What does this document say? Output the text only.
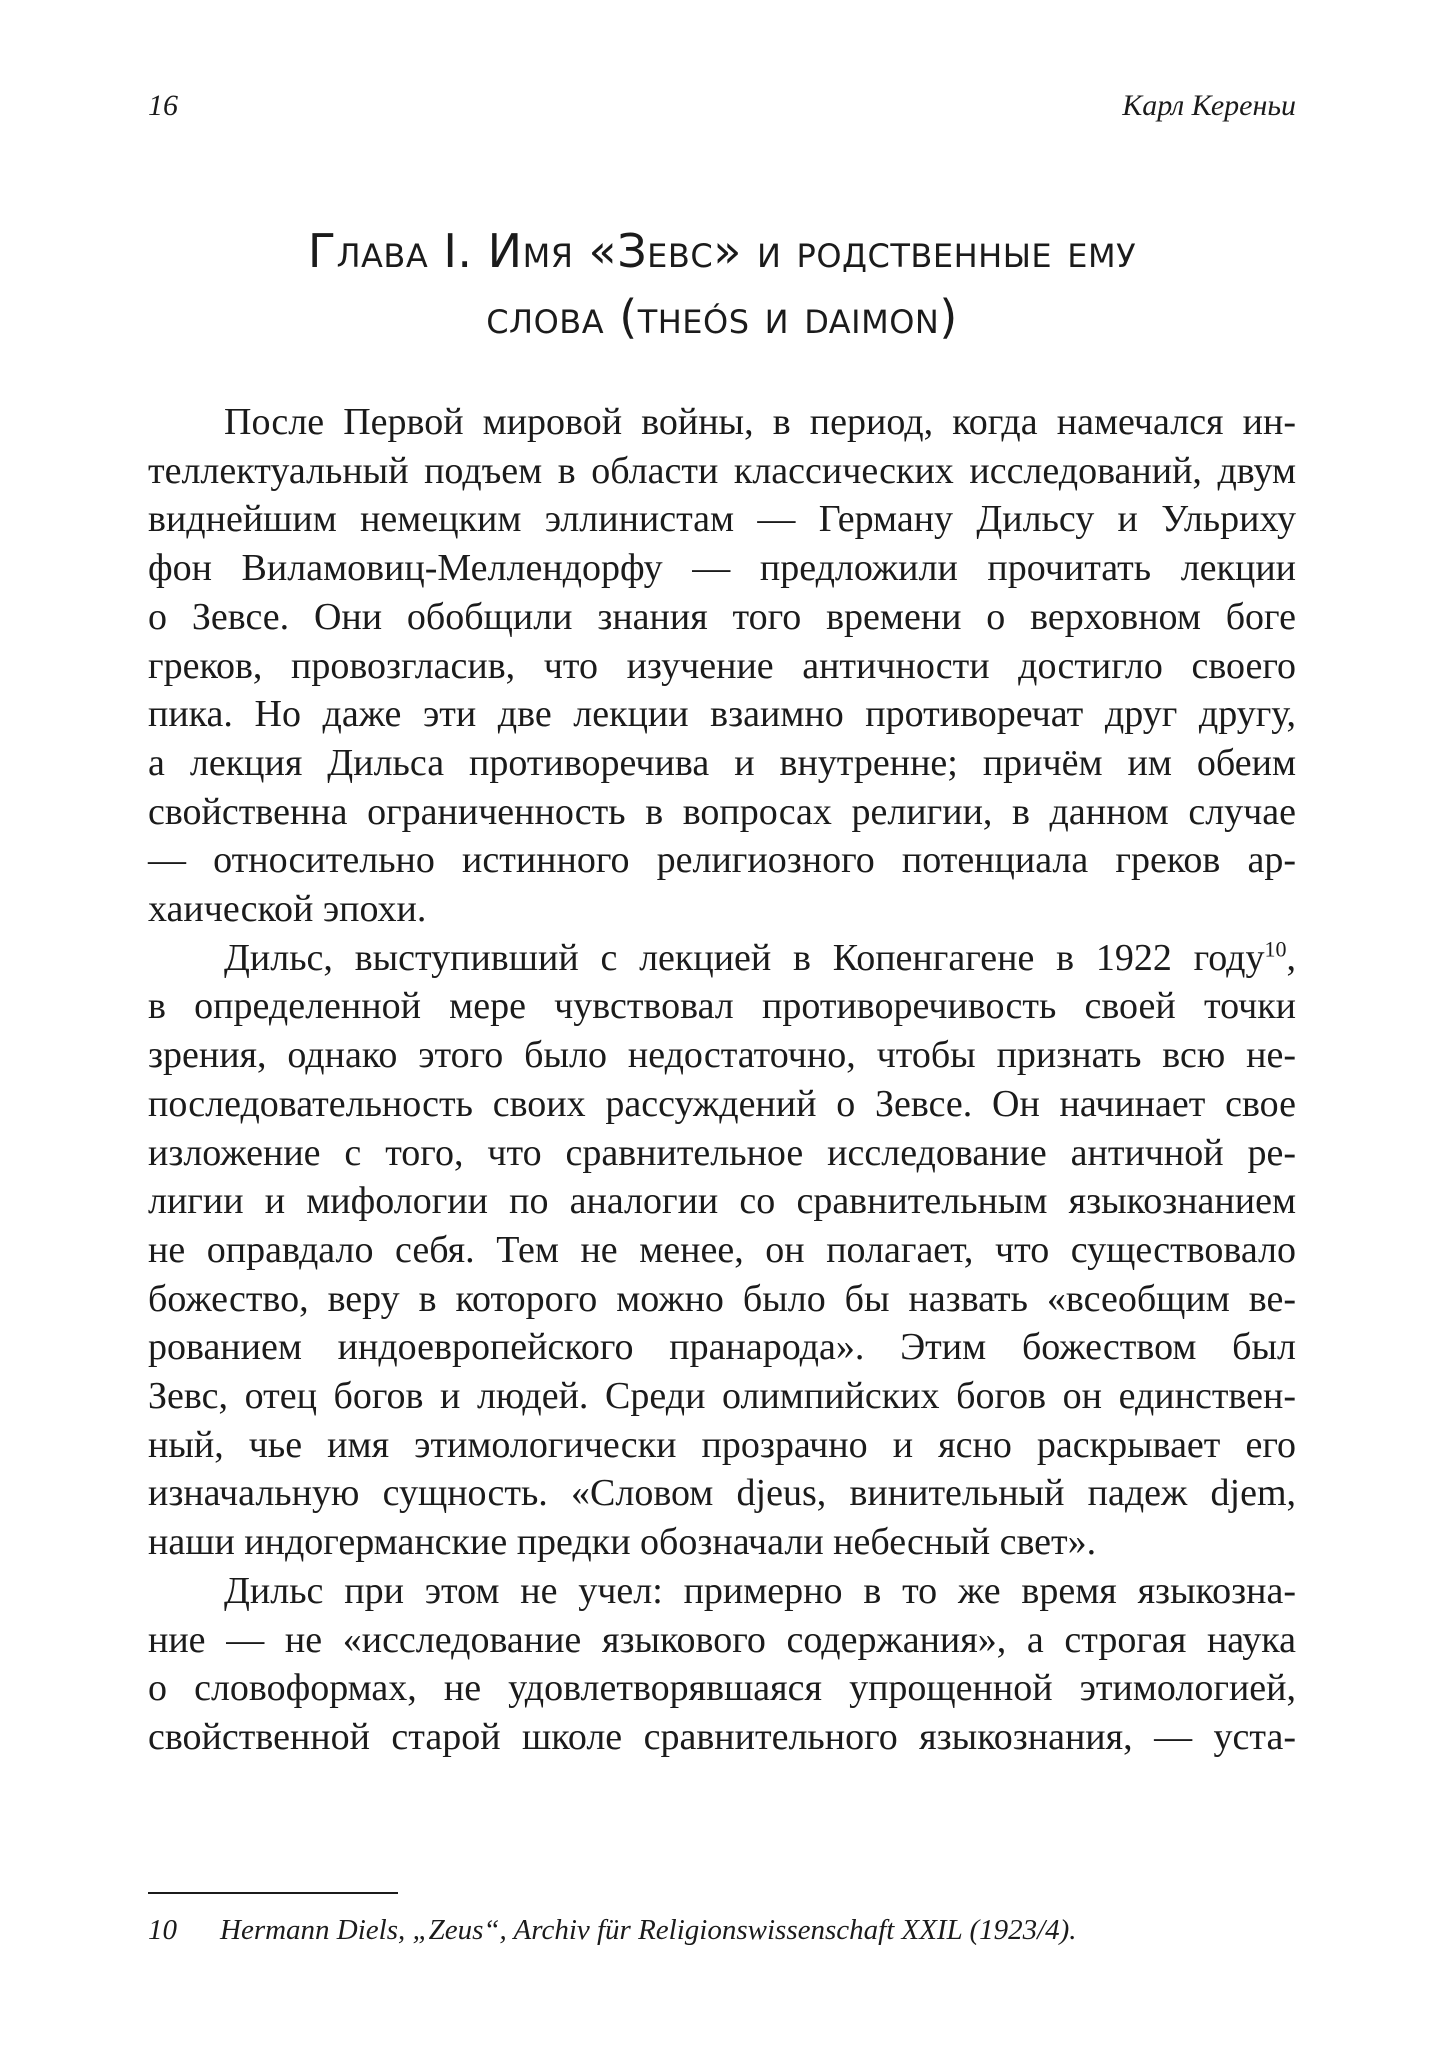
16	Карл Кереньи
Глава I. Имя «Зевс» и родственные ему
слова (theós и daimon)

После Первой мировой войны, в период, когда намечался ин-
теллектуальный подъем в области классических исследований, двум
виднейшим немецким эллинистам — Герману Дильсу и Ульриху
фон Виламовиц-Меллендорфу — предложили прочитать лекции
о Зевсе. Они обобщили знания того времени о верховном боге
греков, провозгласив, что изучение античности достигло своего
пика. Но даже эти две лекции взаимно противоречат друг другу,
а лекция Дильса противоречива и внутренне; причём им обеим
свойственна ограниченность в вопросах религии, в данном случае
— относительно истинного религиозного потенциала греков ар-
хаической эпохи.

Дильс, выступивший с лекцией в Копенгагене в 1922 году$^{10}$,
в определенной мере чувствовал противоречивость своей точки
зрения, однако этого было недостаточно, чтобы признать всю не-
последовательность своих рассуждений о Зевсе. Он начинает свое
изложение с того, что сравнительное исследование античной ре-
лигии и мифологии по аналогии со сравнительным языкознанием
не оправдало себя. Тем не менее, он полагает, что существовало
божество, веру в которого можно было бы назвать «всеобщим ве-
рованием индоевропейского пранарода». Этим божеством был
Зевс, отец богов и людей. Среди олимпийских богов он единствен-
ный, чье имя этимологически прозрачно и ясно раскрывает его
изначальную сущность. «Словом djeus, винительный падеж djem,
наши индогерманские предки обозначали небесный свет».

Дильс при этом не учел: примерно в то же время языкозна-
ние — не «исследование языкового содержания», а строгая наука
о словоформах, не удовлетворявшаяся упрощенной этимологией,
свойственной старой школе сравнительного языкознания, — уста-

10 Hermann Diels, „Zeus“, Archiv für Religionswissenschaft XXIL (1923/4).
